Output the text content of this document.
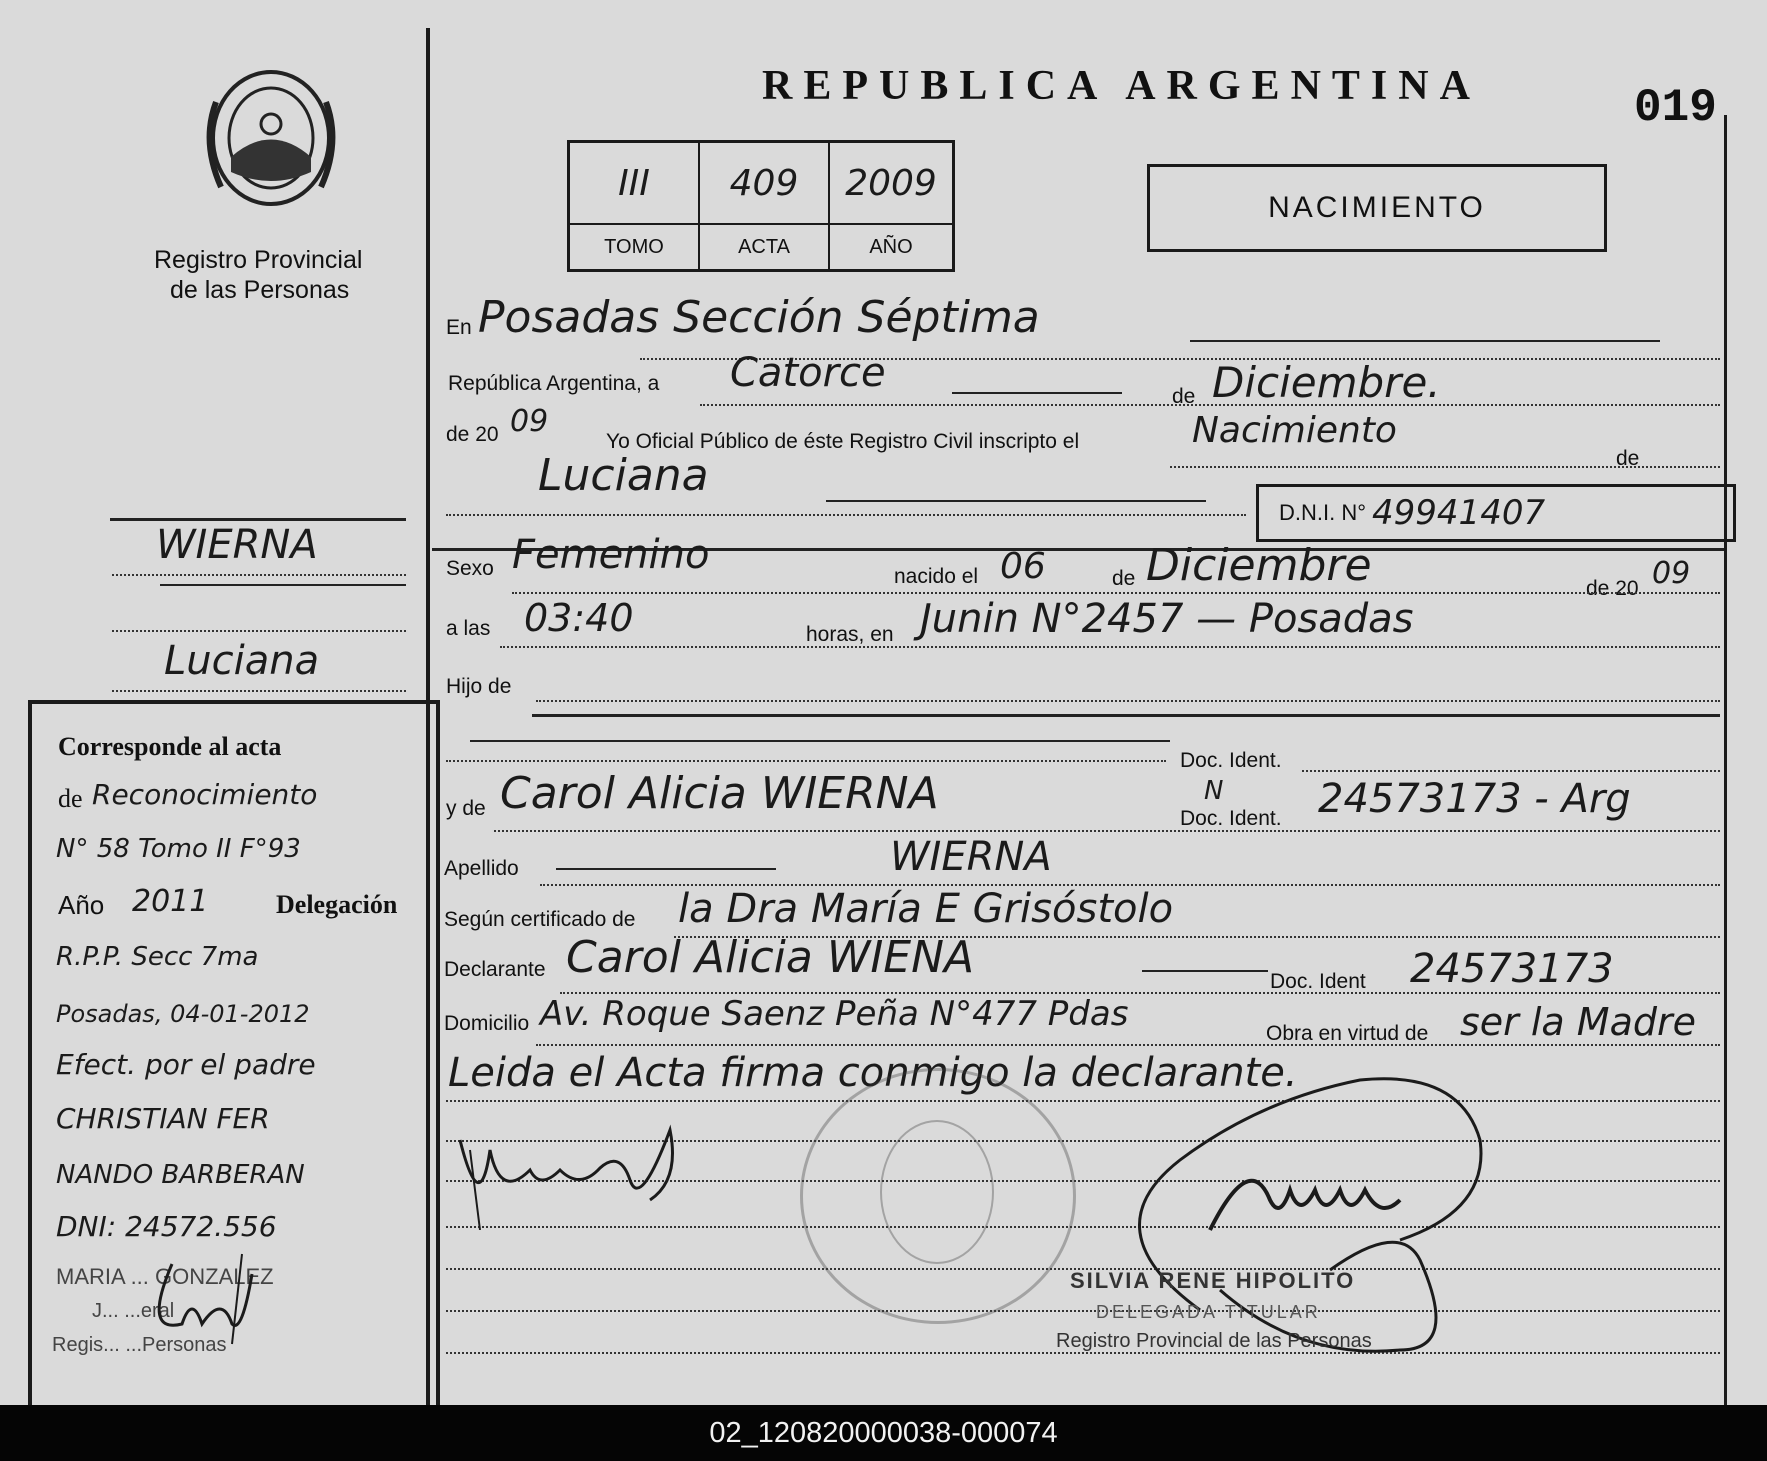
Registro Provincial
de las Personas
REPUBLICA ARGENTINA	019
III	409	2009
TOMO	ACTA	AÑO
NACIMIENTO
En Posadas Sección Séptima
República Argentina, a Catorce
de Diciembre.
de 20 09
Yo Oficial Público de éste Registro Civil inscripto el	Nacimiento
de
Luciana
D.N.I. N° 49941407
Sexo Femenino	nacido el 06	de Diciembre	de 20 09
a las 03:40	horas, en Junin N°2457 — Posadas
Hijo de
Doc. Ident.
y de Carol Alicia WIERNA	Doc. Ident.
N 24573173 - Arg
Apellido	WIERNA
Según certificado de la Dra María E Grisóstolo
Declarante Carol Alicia WIENA	Doc. Ident 24573173
Domicilio Av. Roque Saenz Peña N°477 Pdas	Obra en virtud de ser la Madre
Leida el Acta firma conmigo la declarante.
SILVIA RENE HIPOLITO
DELEGADA TITULAR
Registro Provincial de las Personas
WIERNA
Luciana
Corresponde al acta
de Reconocimiento
N° 58 Tomo II F°93
Año 2011	Delegación
R.P.P. Secc 7ma
Posadas, 04-01-2012
Efect. por el padre
CHRISTIAN FER
NANDO BARBERAN
DNI: 24572.556
MARIA ... GONZALEZ
J... ...eral
Regis... ...Personas
02_120820000038-000074
